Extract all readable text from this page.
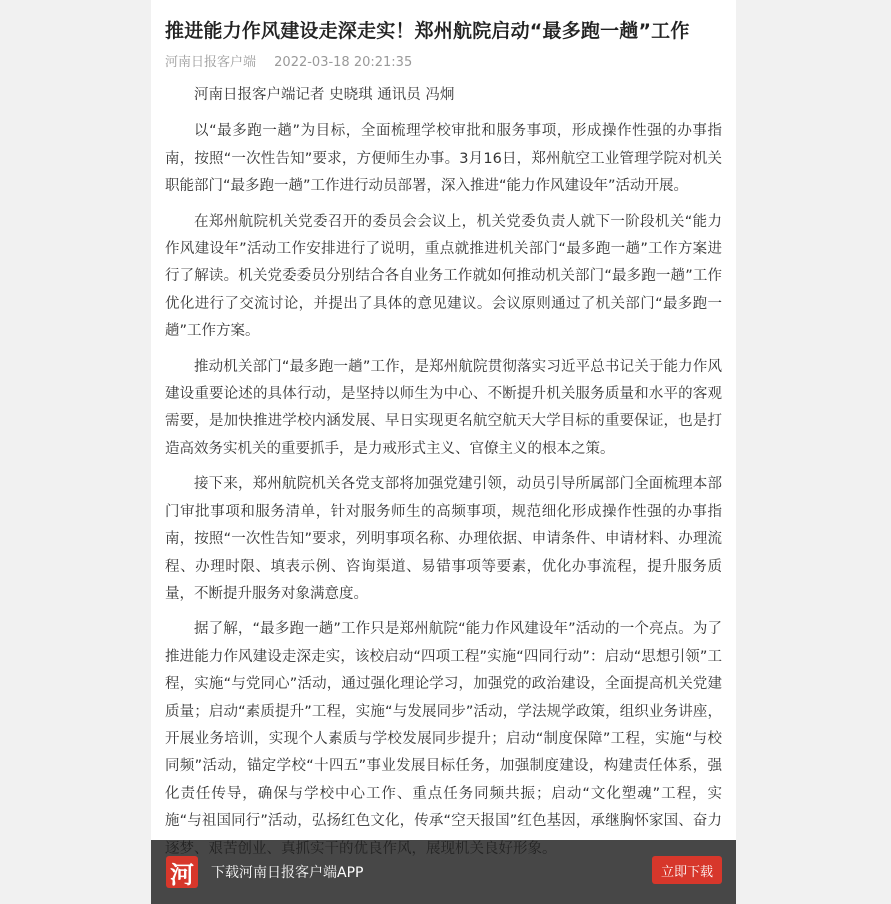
推进能力作风建设走深走实！郑州航院启动“最多跑一趟”工作
河南日报客户端 2022-03-18 20:21:35

河南日报客户端记者 史晓琪 通讯员 冯炯

以“最多跑一趟”为目标，全面梳理学校审批和服务事项，形成操作性强的办事指南，按照“一次性告知”要求，方便师生办事。3月16日，郑州航空工业管理学院对机关职能部门“最多跑一趟”工作进行动员部署，深入推进“能力作风建设年”活动开展。

在郑州航院机关党委召开的委员会会议上，机关党委负责人就下一阶段机关“能力作风建设年”活动工作安排进行了说明，重点就推进机关部门“最多跑一趟”工作方案进行了解读。机关党委委员分别结合各自业务工作就如何推动机关部门“最多跑一趟”工作优化进行了交流讨论，并提出了具体的意见建议。会议原则通过了机关部门“最多跑一趟”工作方案。

推动机关部门“最多跑一趟”工作，是郑州航院贯彻落实习近平总书记关于能力作风建设重要论述的具体行动，是坚持以师生为中心、不断提升机关服务质量和水平的客观需要，是加快推进学校内涵发展、早日实现更名航空航天大学目标的重要保证，也是打造高效务实机关的重要抓手，是力戒形式主义、官僚主义的根本之策。

接下来，郑州航院机关各党支部将加强党建引领，动员引导所属部门全面梳理本部门审批事项和服务清单，针对服务师生的高频事项，规范细化形成操作性强的办事指南，按照“一次性告知”要求，列明事项名称、办理依据、申请条件、申请材料、办理流程、办理时限、填表示例、咨询渠道、易错事项等要素，优化办事流程，提升服务质量，不断提升服务对象满意度。

据了解，“最多跑一趟”工作只是郑州航院“能力作风建设年”活动的一个亮点。为了推进能力作风建设走深走实，该校启动“四项工程”实施“四同行动”：启动“思想引领”工程，实施“与党同心”活动，通过强化理论学习，加强党的政治建设，全面提高机关党建质量；启动“素质提升”工程，实施“与发展同步”活动，学法规学政策，组织业务讲座，开展业务培训，实现个人素质与学校发展同步提升；启动“制度保障”工程，实施“与校同频”活动，锚定学校“十四五”事业发展目标任务，加强制度建设，构建责任体系，强化责任传导，确保与学校中心工作、重点任务同频共振；启动“文化塑魂”工程，实施“与祖国同行”活动，弘扬红色文化，传承“空天报国”红色基因，承继胸怀家国、奋力

河 下载河南日报客户端APP	立即下载
